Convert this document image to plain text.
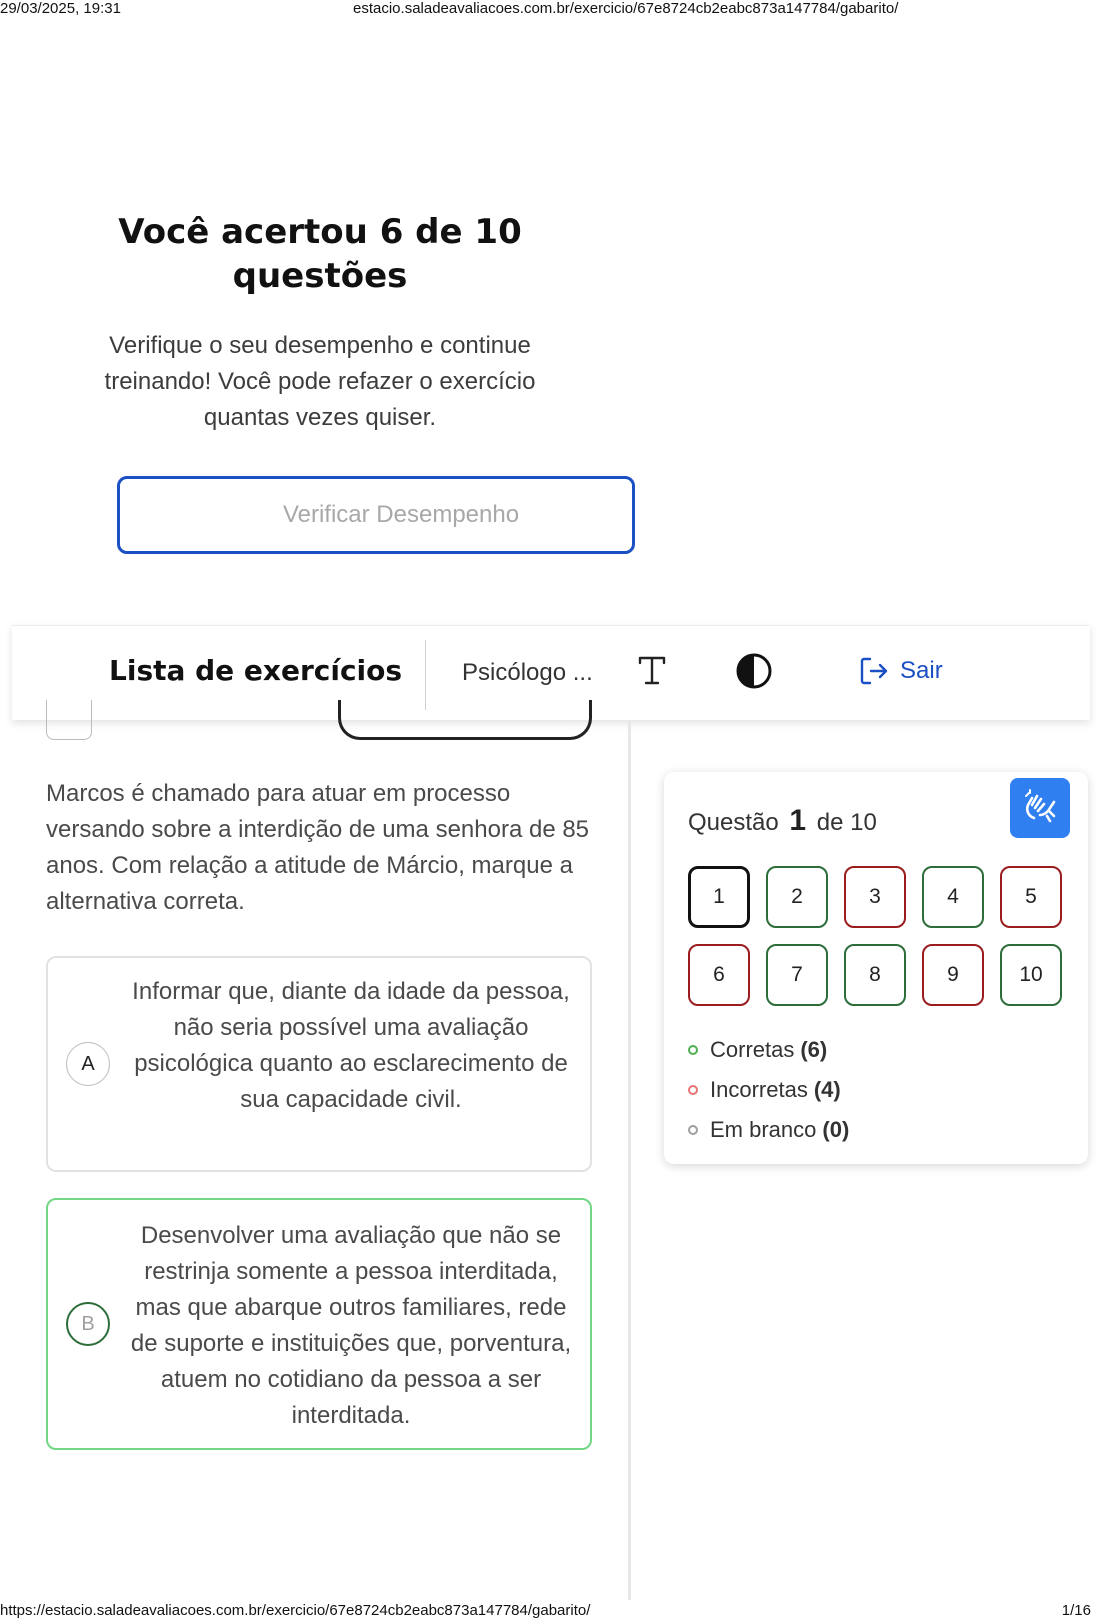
29/03/2025, 19:31	estacio.saladeavaliacoes.com.br/exercicio/67e8724cb2eabc873a147784/gabarito/
https://estacio.saladeavaliacoes.com.br/exercicio/67e8724cb2eabc873a147784/gabarito/	1/16
Você acertou 6 de 10
questões
Verifique o seu desempenho e continue
treinando! Você pode refazer o exercício
quantas vezes quiser.
Verificar Desempenho
Lista de exercícios Psicólogo ...	Sair
Marcos é chamado para atuar em processo versando sobre a interdição de uma senhora de 85 anos. Com relação a atitude de Márcio, marque a alternativa correta.
A
Informar que, diante da idade da pessoa, não seria possível uma avaliação psicológica quanto ao esclarecimento de sua capacidade civil.
B
Desenvolver uma avaliação que não se restrinja somente a pessoa interditada, mas que abarque outros familiares, rede de suporte e instituições que, porventura, atuem no cotidiano da pessoa a ser interditada.
Questão 1 de 10
1	2	3	4	5
6	7	8	9	10
Corretas (6)
Incorretas (4)
Em branco (0)
